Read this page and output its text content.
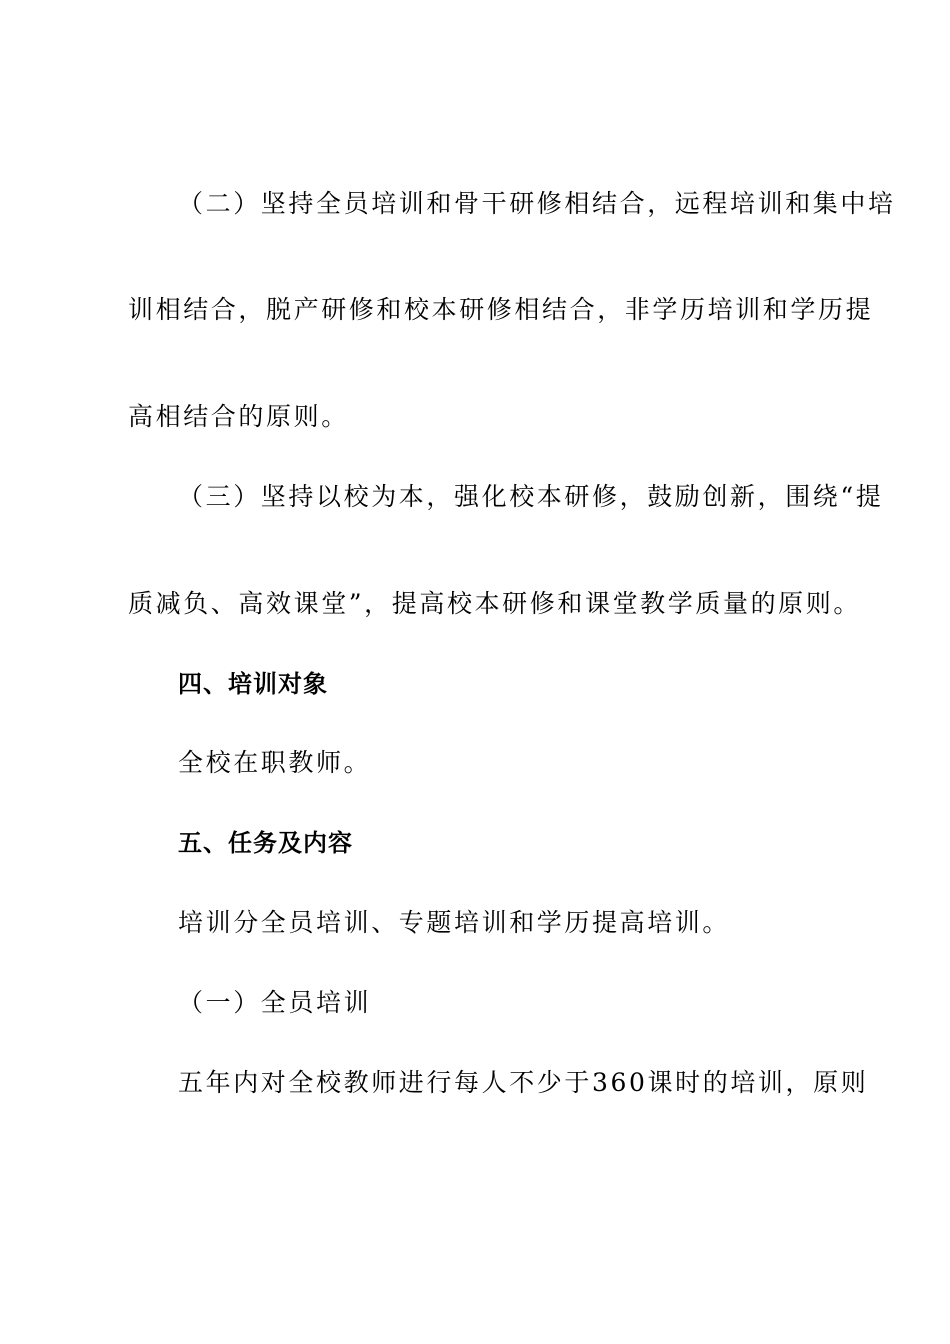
（二）坚持全员培训和骨干研修相结合，远程培训和集中培
训相结合，脱产研修和校本研修相结合，非学历培训和学历提
高相结合的原则。
（三）坚持以校为本，强化校本研修，鼓励创新，围绕“提
质减负、高效课堂”，提高校本研修和课堂教学质量的原则。
四、培训对象
全校在职教师。
五、任务及内容
培训分全员培训、专题培训和学历提高培训。
（一）全员培训
五年内对全校教师进行每人不少于360课时的培训，原则
